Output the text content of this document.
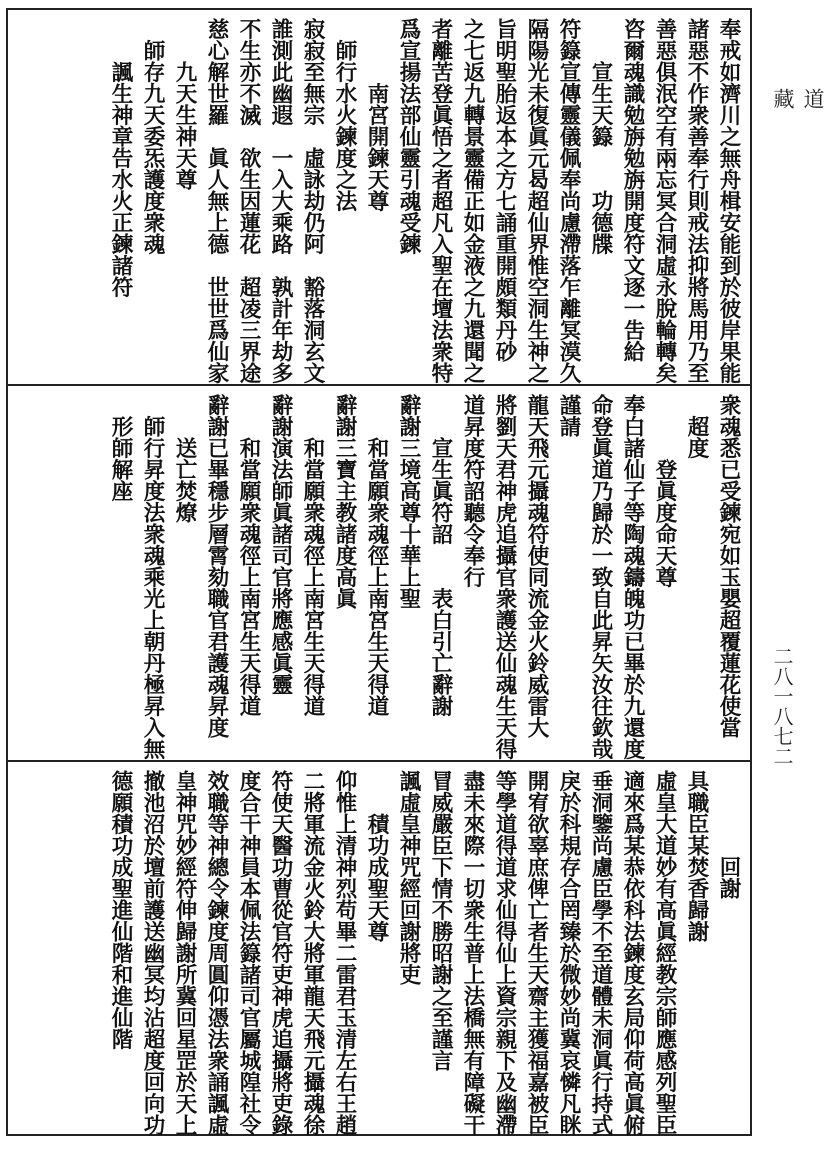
奉戒如濟川之無舟楫安能到於彼岸果能
諸惡不作衆善奉行則戒法抑將馬用乃至
善惡俱泯空有兩忘冥合洞虛永脫輪轉矣
咨爾魂識勉旃勉旃開度符文逐一吿給
　　宣生天籙　　功德牒
符籙宣傳靈儀佩奉尚慮滯落乍離冥漠久
隔陽光未復眞元曷超仙界惟空洞生神之
旨明聖胎返本之方七誦重開頗類丹砂
之七返九轉景靈備正如金液之九還聞之
者離苦登眞悟之者超凡入聖在壇法衆特
爲宣揚法部仙靈引魂受鍊
　　　南宮開鍊天尊
　師行水火鍊度之法
寂寂至無宗　虛詠劫仍阿　豁落洞玄文
誰測此幽遐　一入大乘路　孰計年劫多
不生亦不滅　欲生因蓮花　超凌三界途
慈心解世羅　眞人無上德　世世爲仙家
　　九天生神天尊
　師存九天委炁護度衆魂
　　諷生神章告水火正鍊諸符
衆魂悉已受鍊宛如玉嬰超覆蓮花使當
　超度
　　　登眞度命天尊
奉白諸仙子等陶魂鑄魄功已畢於九還度
命登眞道乃歸於一致自此昇矢汝往欽哉
謹請
龍天飛元攝魂符使同流金火鈴威雷大
將劉天君神虎追攝官衆護送仙魂生天得
道昇度符詔聽令奉行
　　宣生眞符詔　　表白引亡辭謝
辭謝三境高尊十華上聖
　　和當願衆魂徑上南宮生天得道
辭謝三寶主教諸度高眞
　　和當願衆魂徑上南宮生天得道
辭謝演法師眞諸司官將應感眞靈
　　和當願衆魂徑上南宮生天得道
辭謝已畢穩步層霄劾職官君護魂昇度
　　送亡焚燎
　師行昇度法衆魂乘光上朝丹極昇入無
　形師解座
　　　　回謝
具職臣某焚香歸謝
虛皇大道妙有高眞經教宗師應感列聖臣
適來爲某恭依科法鍊度玄局仰荷高眞俯
垂洞鑒尚慮臣學不至道體未洞眞行持式
戾於科規存合罔臻於微妙尚冀哀憐凡眯
開宥欲辜庶俾亡者生天齋主獲福嘉被臣
等學道得道求仙得仙上資宗親下及幽滯
盡未來際一切衆生普上法橋無有障礙干
冒威嚴臣下情不勝昭謝之至謹言
諷虛皇神咒經回謝將吏
　　積功成聖天尊
仰惟上清神烈苟畢二雷君玉清左右王趙
二將軍流金火鈴大將軍龍天飛元攝魂徐
符使天醫功曹從官符吏神虎追攝將吏錄
度合干神員本佩法籙諸司官屬城隍社令
效職等神總令鍊度周圓仰憑法衆誦諷虛
皇神咒妙經符伸歸謝所冀回星罡於天上
撤池沼於壇前護送幽冥均沾超度回向功
德願積功成聖進仙階和進仙階
道
藏
二八一八七二
